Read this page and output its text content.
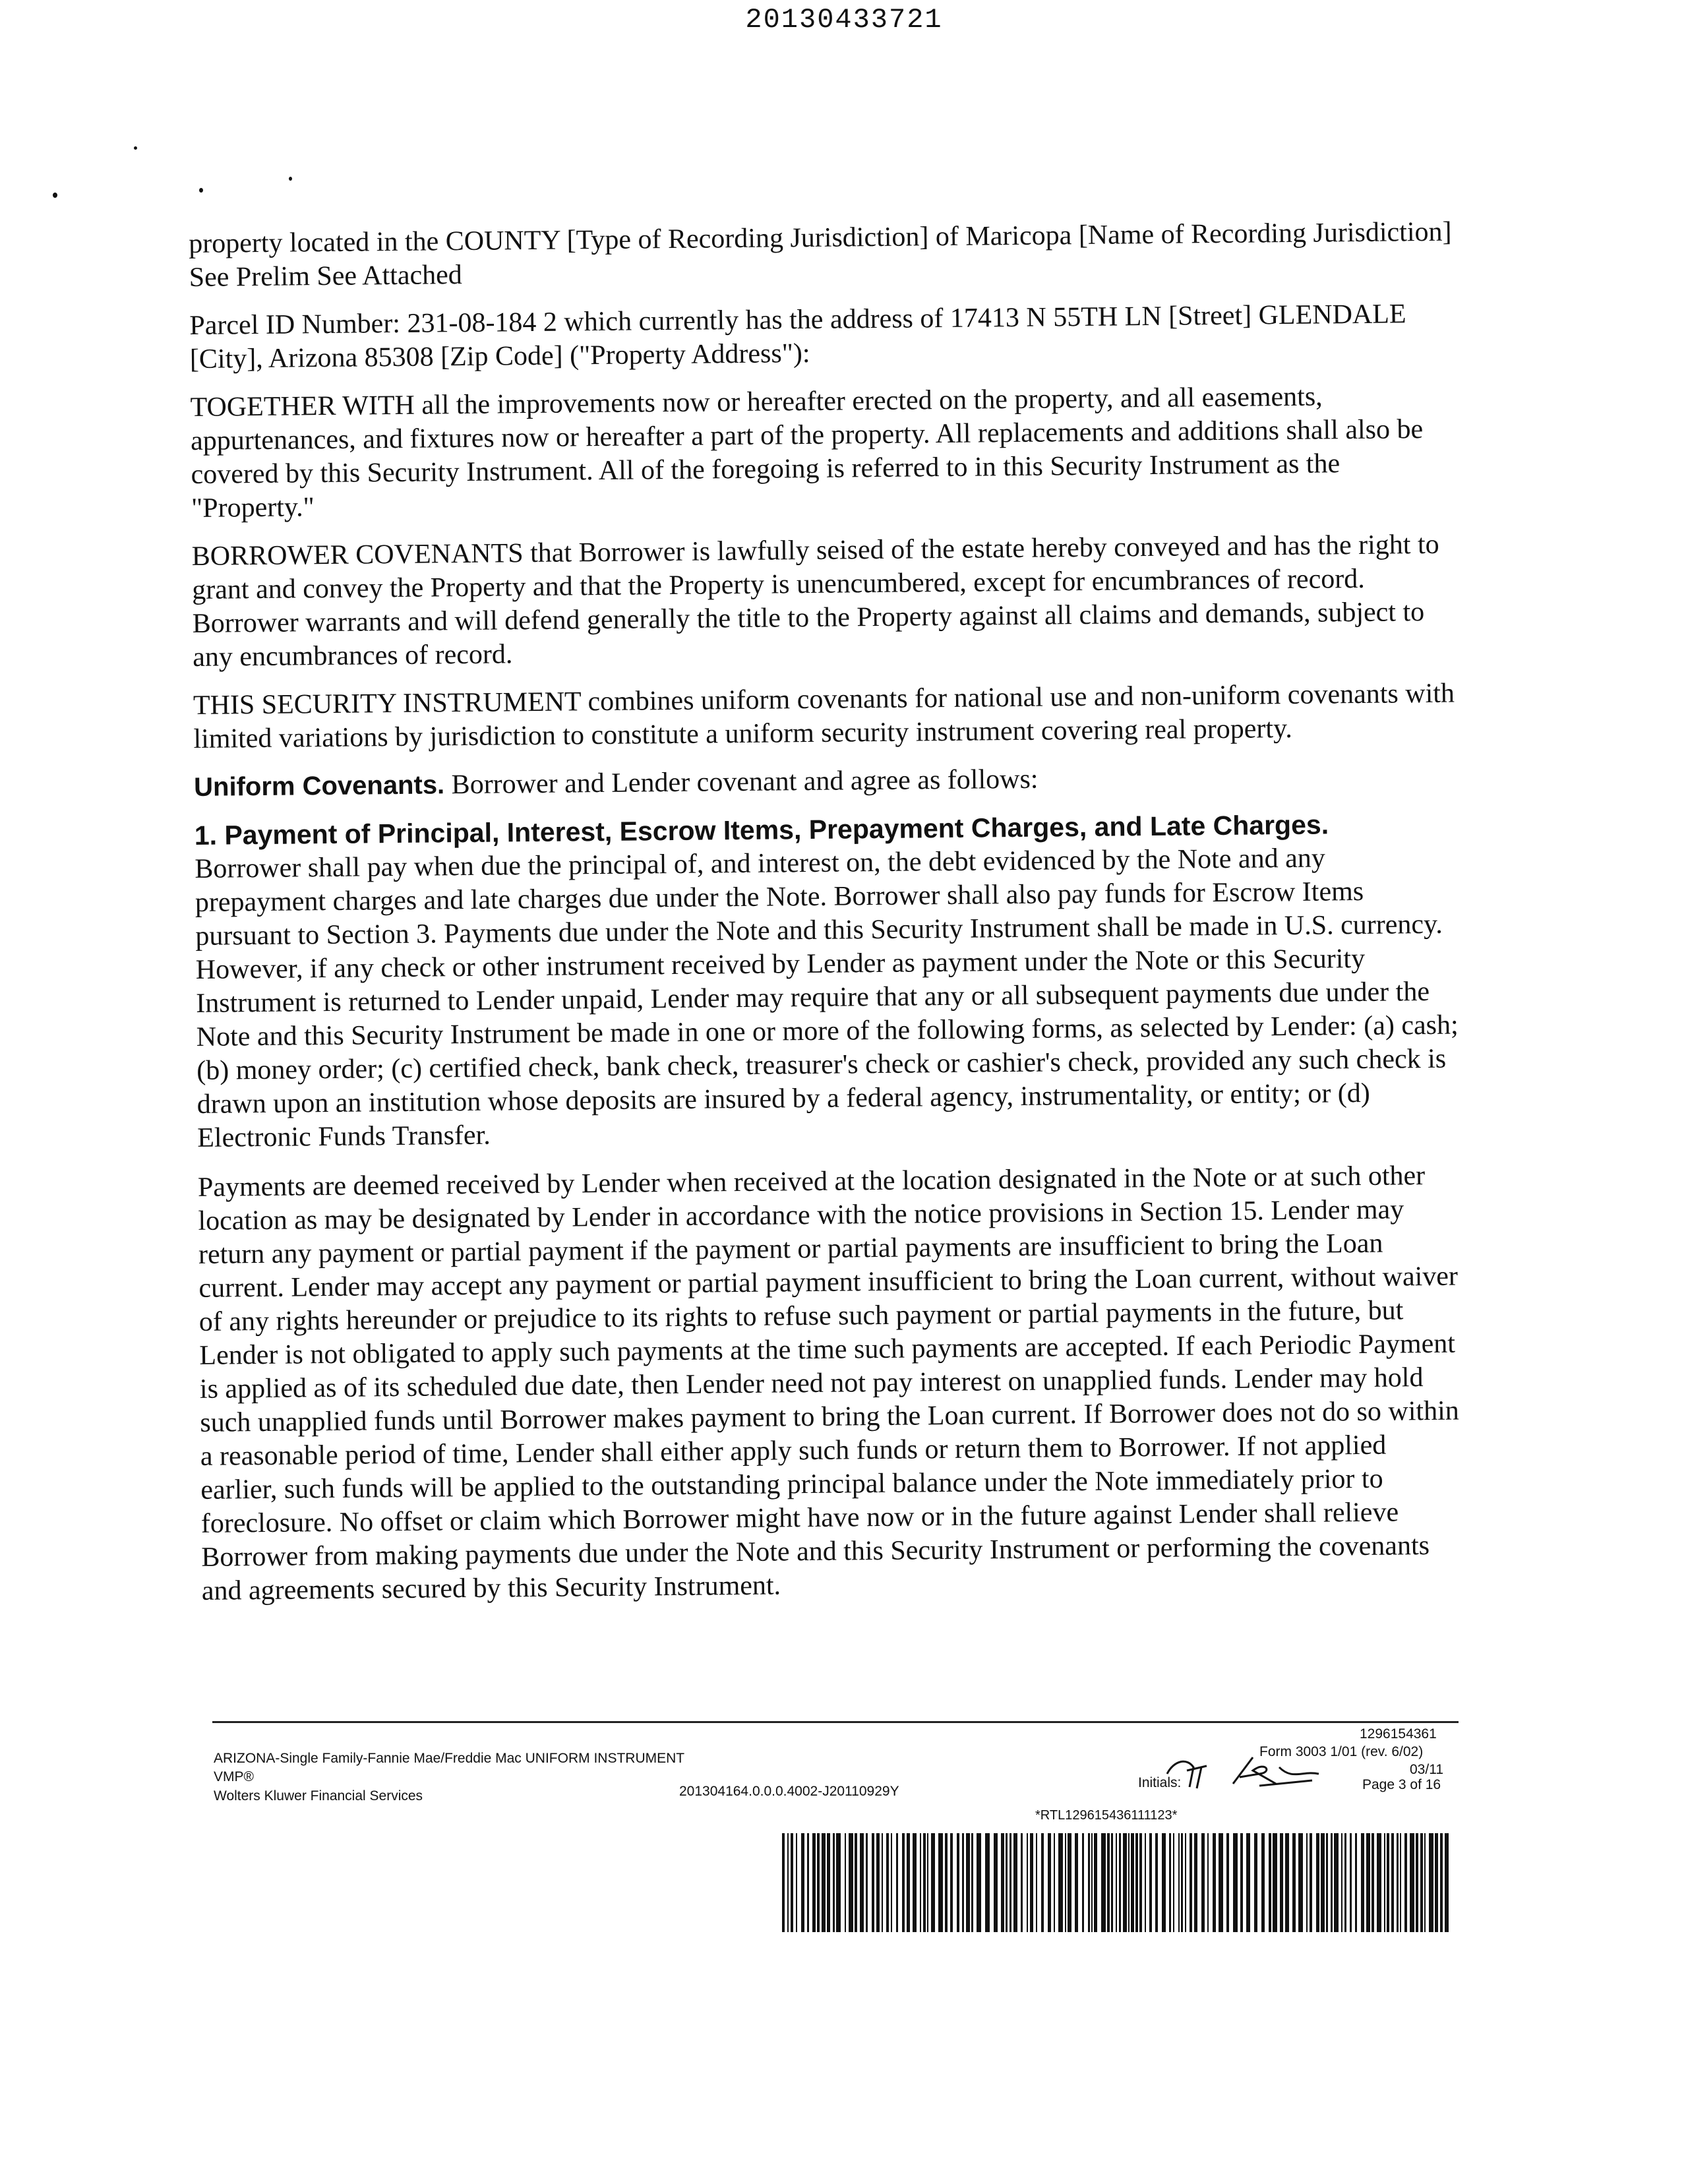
20130433721

property located in the COUNTY [Type of Recording Jurisdiction] of Maricopa [Name of Recording Jurisdiction] See Prelim See Attached

Parcel ID Number: 231-08-184 2 which currently has the address of 17413 N 55TH LN [Street] GLENDALE [City], Arizona 85308 [Zip Code] ("Property Address"):

TOGETHER WITH all the improvements now or hereafter erected on the property, and all easements, appurtenances, and fixtures now or hereafter a part of the property. All replacements and additions shall also be covered by this Security Instrument. All of the foregoing is referred to in this Security Instrument as the "Property."

BORROWER COVENANTS that Borrower is lawfully seised of the estate hereby conveyed and has the right to grant and convey the Property and that the Property is unencumbered, except for encumbrances of record. Borrower warrants and will defend generally the title to the Property against all claims and demands, subject to any encumbrances of record.

THIS SECURITY INSTRUMENT combines uniform covenants for national use and non-uniform covenants with limited variations by jurisdiction to constitute a uniform security instrument covering real property.

Uniform Covenants. Borrower and Lender covenant and agree as follows:

1. Payment of Principal, Interest, Escrow Items, Prepayment Charges, and Late Charges.
Borrower shall pay when due the principal of, and interest on, the debt evidenced by the Note and any prepayment charges and late charges due under the Note. Borrower shall also pay funds for Escrow Items pursuant to Section 3. Payments due under the Note and this Security Instrument shall be made in U.S. currency. However, if any check or other instrument received by Lender as payment under the Note or this Security Instrument is returned to Lender unpaid, Lender may require that any or all subsequent payments due under the Note and this Security Instrument be made in one or more of the following forms, as selected by Lender: (a) cash; (b) money order; (c) certified check, bank check, treasurer's check or cashier's check, provided any such check is drawn upon an institution whose deposits are insured by a federal agency, instrumentality, or entity; or (d) Electronic Funds Transfer.

Payments are deemed received by Lender when received at the location designated in the Note or at such other location as may be designated by Lender in accordance with the notice provisions in Section 15. Lender may return any payment or partial payment if the payment or partial payments are insufficient to bring the Loan current. Lender may accept any payment or partial payment insufficient to bring the Loan current, without waiver of any rights hereunder or prejudice to its rights to refuse such payment or partial payments in the future, but Lender is not obligated to apply such payments at the time such payments are accepted. If each Periodic Payment is applied as of its scheduled due date, then Lender need not pay interest on unapplied funds. Lender may hold such unapplied funds until Borrower makes payment to bring the Loan current. If Borrower does not do so within a reasonable period of time, Lender shall either apply such funds or return them to Borrower. If not applied earlier, such funds will be applied to the outstanding principal balance under the Note immediately prior to foreclosure. No offset or claim which Borrower might have now or in the future against Lender shall relieve Borrower from making payments due under the Note and this Security Instrument or performing the covenants and agreements secured by this Security Instrument.

1296154361
Form 3003 1/01 (rev. 6/02)
ARIZONA-Single Family-Fannie Mae/Freddie Mac UNIFORM INSTRUMENT
03/11
VMP®	Initials:	Page 3 of 16
Wolters Kluwer Financial Services	201304164.0.0.0.4002-J20110929Y
*RTL129615436111123*
